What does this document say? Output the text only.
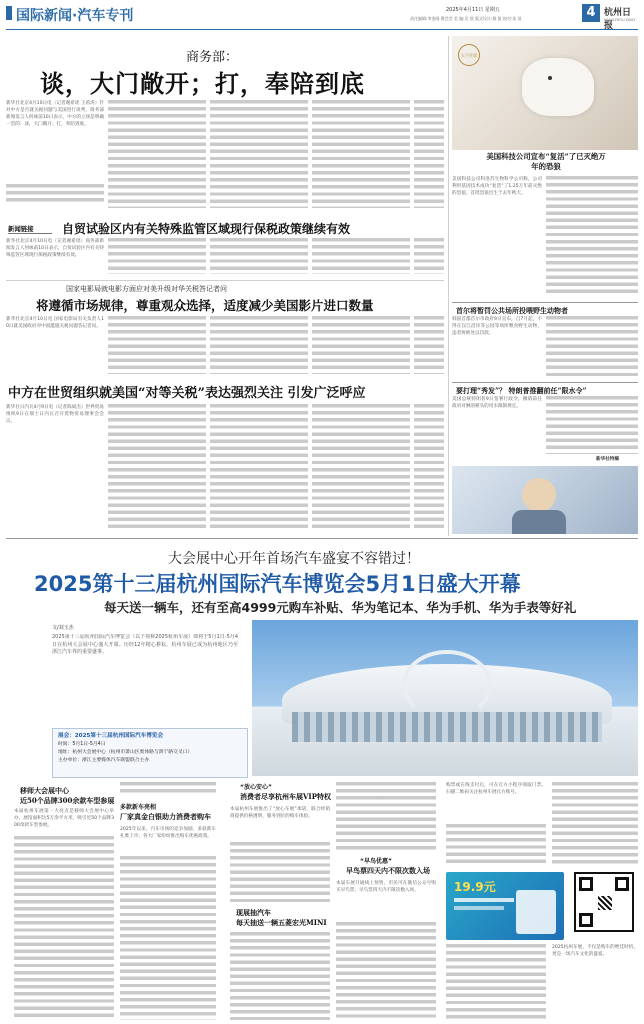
国际新闻·汽车专刊	2025年4月11日 星期五
责任编辑:李金刚 暨芸芸 美 编:吴 欣 版式设计:鄢 凯 校对:朱 琰	4 杭州日报
HANGZHOU DAILY
商务部：
谈，大门敞开；打，奉陪到底
新华社北京4月10日电（记者谢希瑶 王希涛）针对中方是否就关税问题与美国进行谈判，商务部新闻发言人何咏前10日表示，中方的立场是明确一贯的：谈，大门敞开；打，奉陪到底。
新闻链接	自贸试验区内有关特殊监管区域现行保税政策继续有效
新华社北京4月10日电（记者谢希瑶）商务部新闻发言人何咏前10日表示，自贸试验区内有关特殊监管区域现行保税政策继续有效。
国家电影局就电影方面应对美升级对华关税答记者问
将遵循市场规律，尊重观众选择，适度减少美国影片进口数量
新华社北京4月10日电 国家电影局有关负责人10日就美国政府对中国滥施关税问题答记者问。
中方在世贸组织就美国“对等关税”表达强烈关注 引发广泛呼应
新华社日内瓦4月9日电（记者陈斌杰）世界贸易组织9日在瑞士日内瓦召开货物贸易理事会会议。
天下世事
美国科技公司宣布“复活”了已灭绝万年的恐狼
美国科技公司科洛苏生物科学公司称，公司利用基因技术成功“复活”了1.25万年前灭绝的恐狼，首批恐狼出生于去年秋天。
首尔将暂罚公共场所投喂野生动物者
韩国首都首尔市政府9日宣布，自7月起，不得在汉江沿岸等公园等场所喂食野生动物，违者将被处以罚款。
要打理“秀发”？ 特朗普推翻前任“限水令”
美国总统特朗普9日签署行政令，撤销前任政府对淋浴喷头的用水限制规定。
新华社特稿
大会展中心开年首场汽车盛宴不容错过！
2025第十三届杭州国际汽车博览会5月1日盛大开幕
每天送一辆车，还有至高4999元购车补贴、华为笔记本、华为手机、华为手表等好礼
文/刘玉杰
2025第十三届杭州国际汽车博览会（以下简称2025杭州车展）即将于5月1日-5月4日在杭州大会展中心盛大开幕。历经12年精心耕耘，杭州车展已成为杭州地区乃至浙江汽车界的重要盛事。
展会：2025第十三届杭州国际汽车博览会
时间：5月1日-5月4日
地址：杭州大会展中心（杭州市萧山区奥体路与鸿宁路交叉口）
主办单位：浙江主要媒体汽车联盟联合主办
移师大会展中心
近50个品牌300余款车型参展
本届杭州车展第一大亮点是移师大会展中心举办，展馆面积达5万余平方米，吸引近50个品牌300余款车型参展。
多款新车亮相
厂家真金白银助力消费者购车
2025年以来，汽车市场的竞争加剧，多款新车扎堆上市，各大厂家纷纷推出购车优惠政策。
“放心安心”
消费者尽享杭州车展VIP特权
本届杭州车展推出了“放心车展”承诺，联合经销商提供价格透明、服务到位的购车体验。
现展抽汽车
每天抽送一辆五菱宏光MINI
“早鸟优惠”
早鸟票四天内不限次数入场
本届车展开通线上预售，市民可在微信公众号购买早鸟票，早鸟票四天内不限次数入场。
购票或在线支付后，可在官方小程序领取门票。扫描二维码关注杭州车展官方账号。
19.9元
2025杭州车展，不仅是购车的绝佳时机，更是一场汽车文化的盛宴。
